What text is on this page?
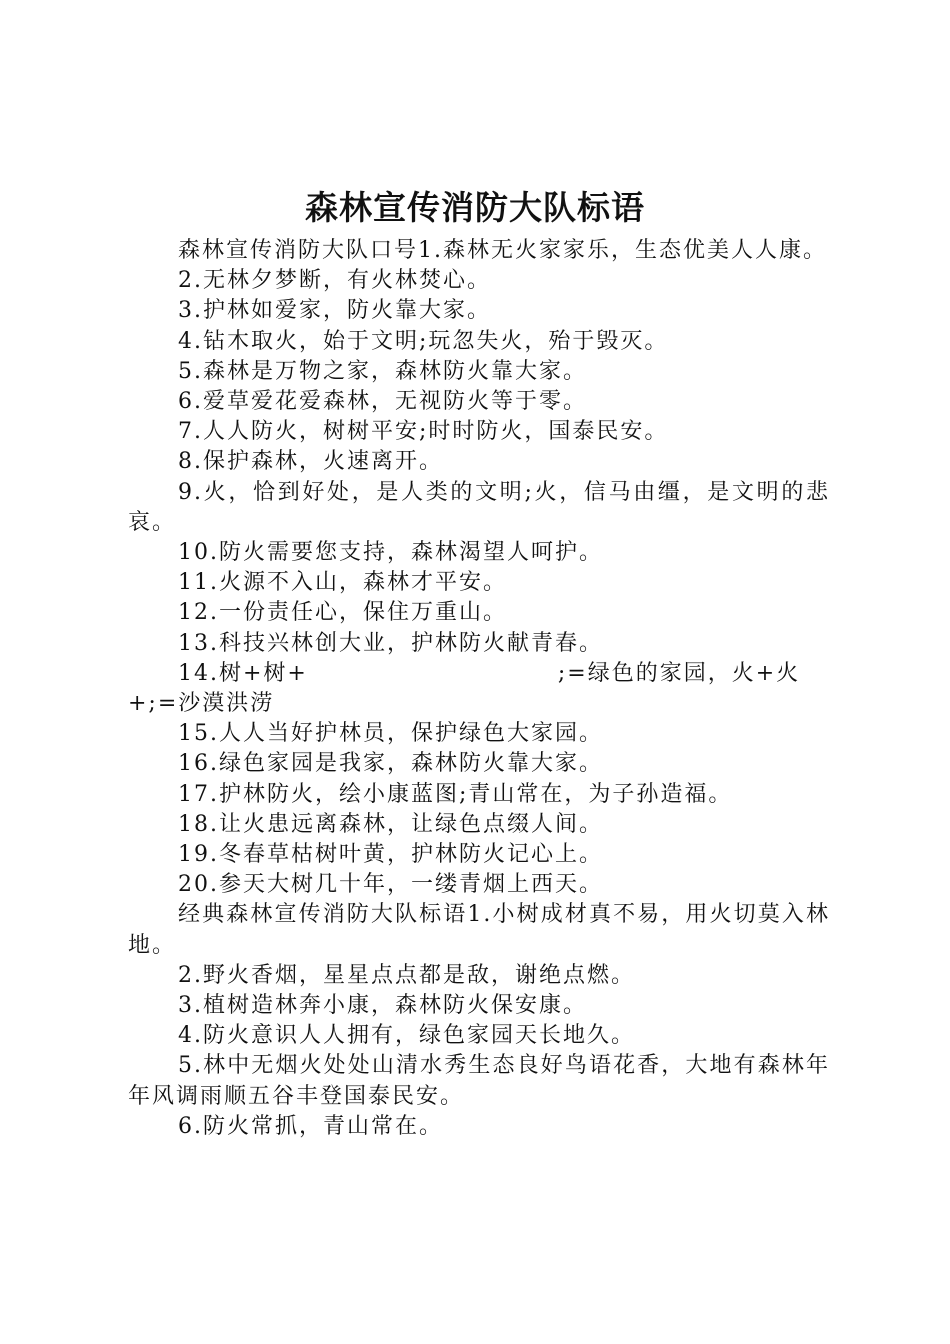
森林宣传消防大队标语

森林宣传消防大队口号1.森林无火家家乐，生态优美人人康。

2.无林夕梦断，有火林焚心。

3.护林如爱家，防火靠大家。

4.钻木取火，始于文明;玩忽失火，殆于毁灭。

5.森林是万物之家，森林防火靠大家。

6.爱草爱花爱森林，无视防火等于零。

7.人人防火，树树平安;时时防火，国泰民安。

8.保护森林，火速离开。

9.火，恰到好处，是人类的文明;火，信马由缰，是文明的悲哀。

10.防火需要您支持，森林渴望人呵护。

11.火源不入山，森林才平安。

12.一份责任心，保住万重山。

13.科技兴林创大业，护林防火献青春。

14.树+树+	;=绿色的家园，火+火+;=沙漠洪涝

15.人人当好护林员，保护绿色大家园。

16.绿色家园是我家，森林防火靠大家。

17.护林防火，绘小康蓝图;青山常在，为子孙造福。

18.让火患远离森林，让绿色点缀人间。

19.冬春草枯树叶黄，护林防火记心上。

20.参天大树几十年，一缕青烟上西天。

经典森林宣传消防大队标语1.小树成材真不易，用火切莫入林地。

2.野火香烟，星星点点都是敌，谢绝点燃。

3.植树造林奔小康，森林防火保安康。

4.防火意识人人拥有，绿色家园天长地久。

5.林中无烟火处处山清水秀生态良好鸟语花香，大地有森林年年风调雨顺五谷丰登国泰民安。

6.防火常抓，青山常在。
